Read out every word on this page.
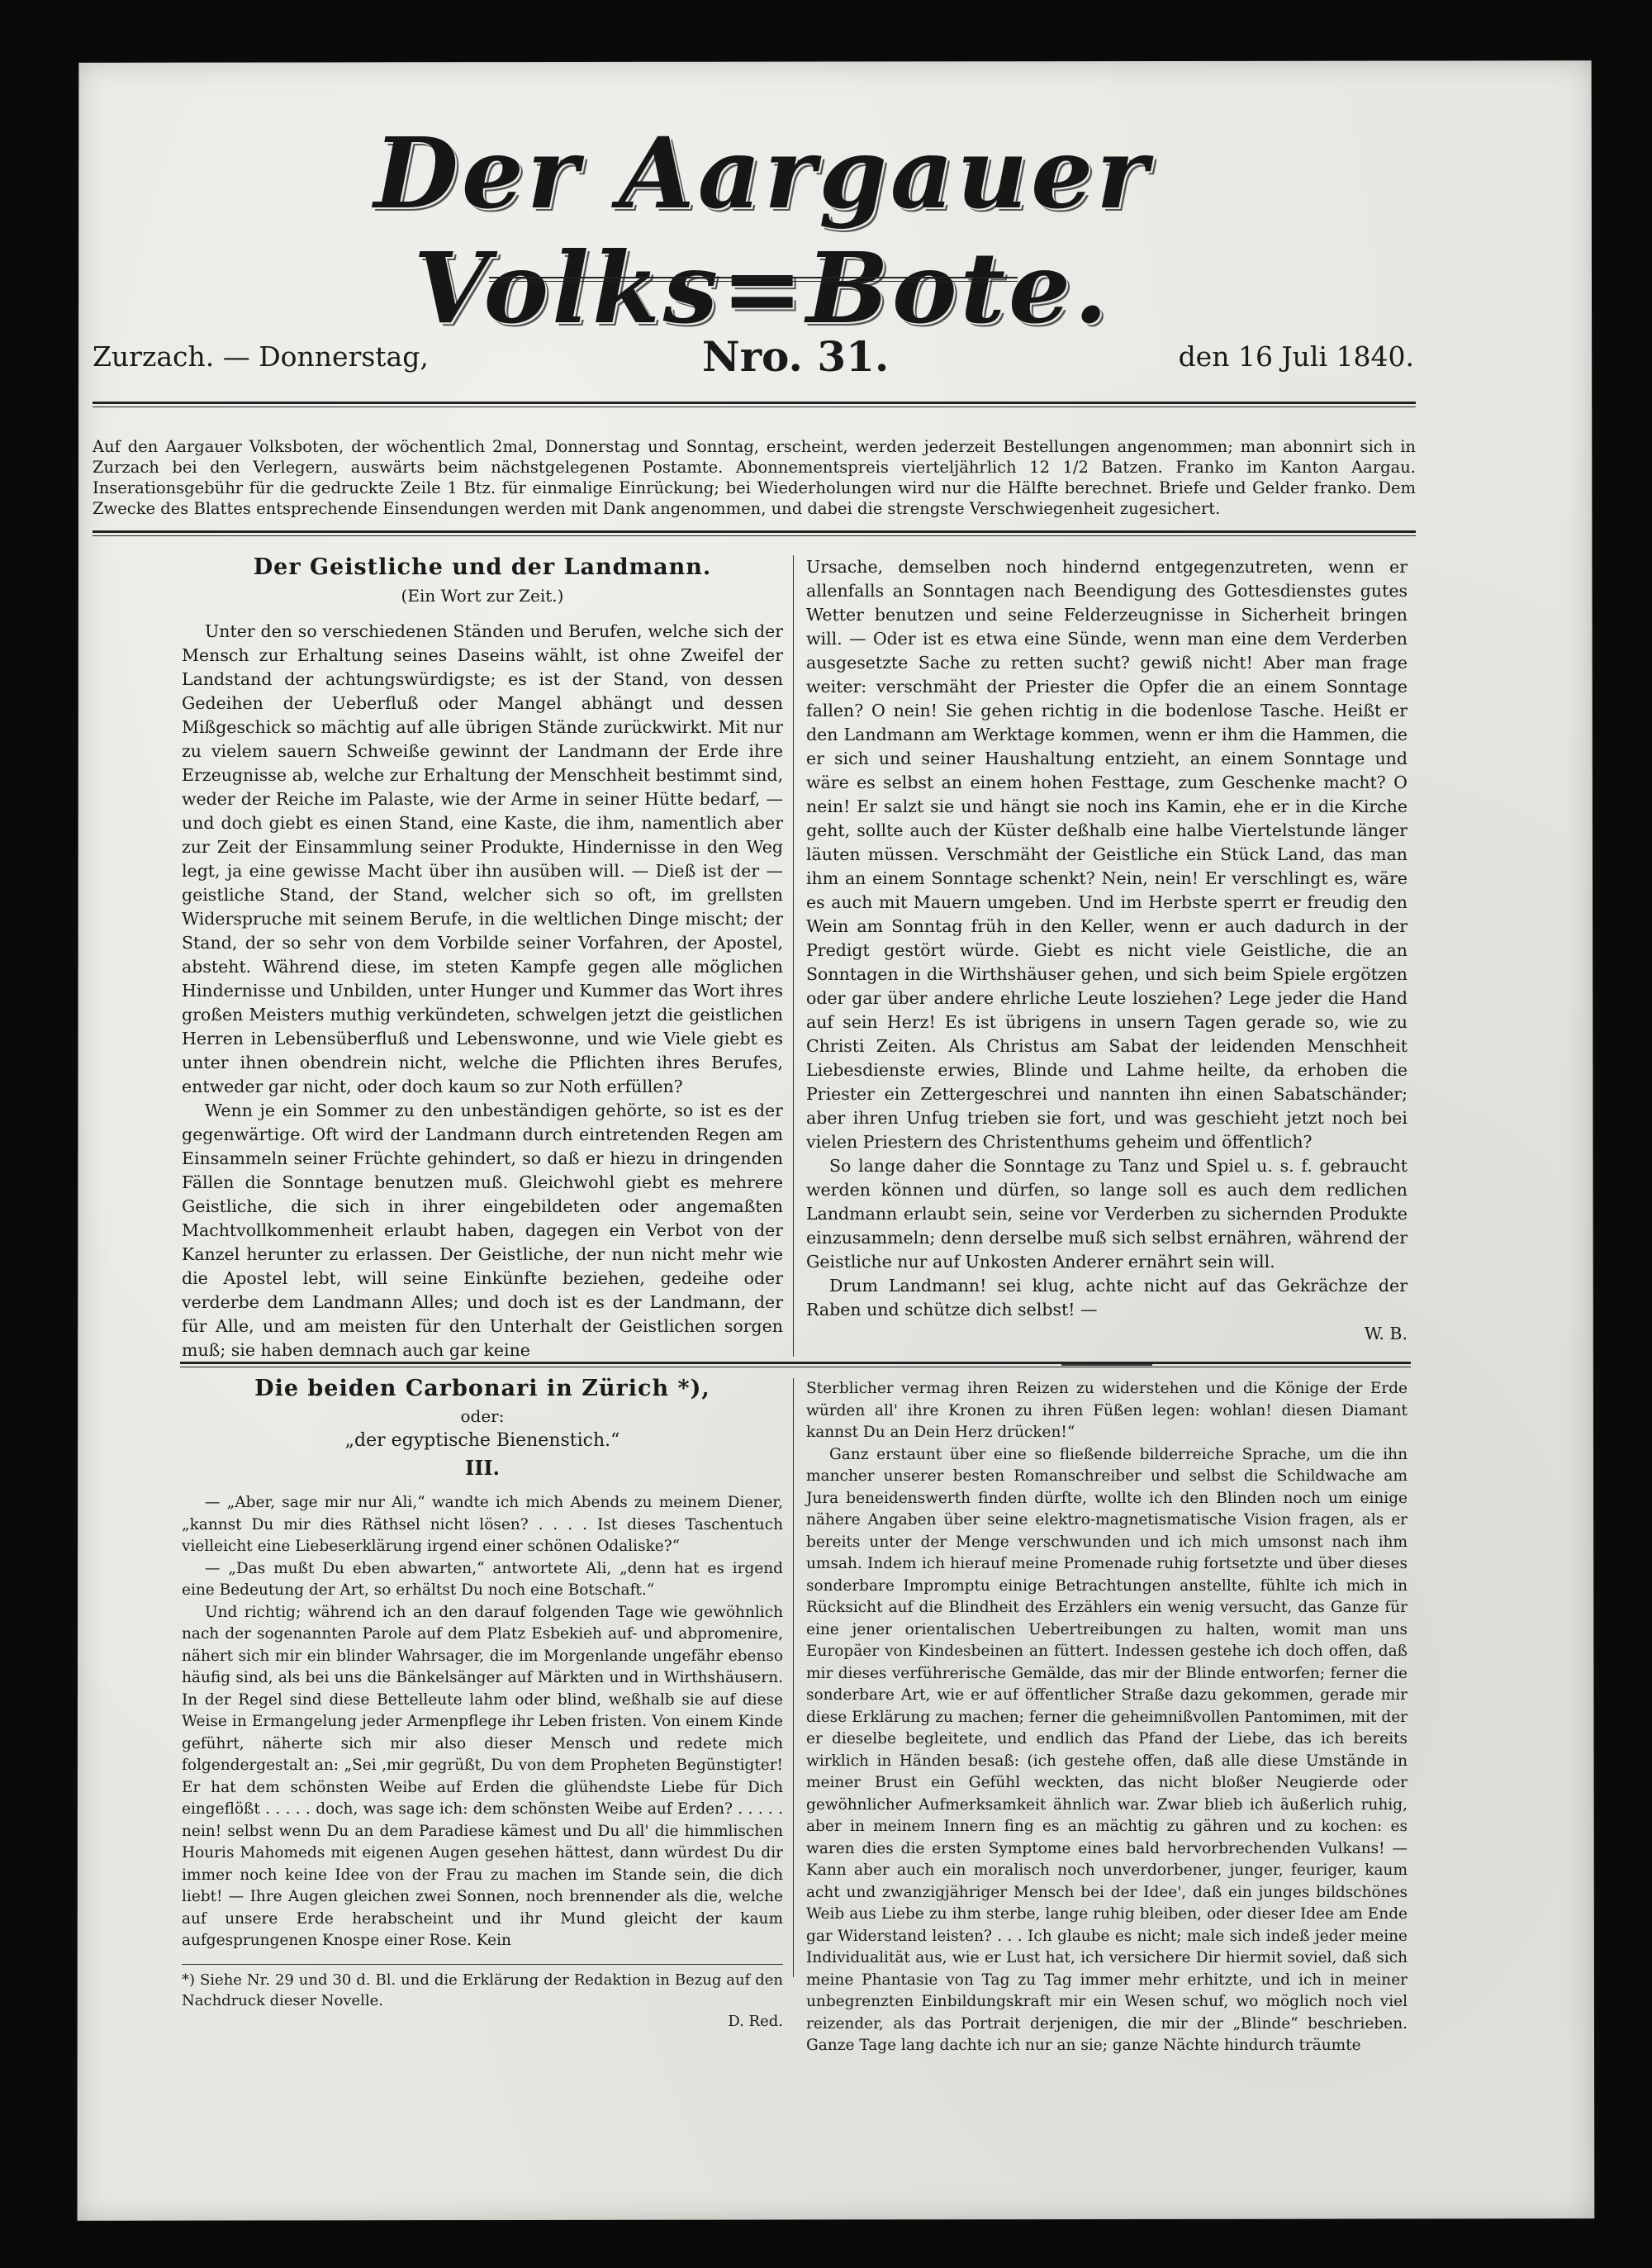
Der Aargauer Volks=Bote.
Zurzach. — Donnerstag,	Nro. 31.	den 16 Juli 1840.
Auf den Aargauer Volksboten, der wöchentlich 2mal, Donnerstag und Sonntag, erscheint, werden jederzeit Bestellungen angenommen; man abonnirt sich in Zurzach bei den Verlegern, auswärts beim nächstgelegenen Postamte. Abonnementspreis vierteljährlich 12 1/2 Batzen. Franko im Kanton Aargau. Inserationsgebühr für die gedruckte Zeile 1 Btz. für einmalige Einrückung; bei Wiederholungen wird nur die Hälfte berechnet. Briefe und Gelder franko. Dem Zwecke des Blattes entsprechende Einsendungen werden mit Dank angenommen, und dabei die strengste Verschwiegenheit zugesichert.
Der Geistliche und der Landmann.
(Ein Wort zur Zeit.)

Unter den so verschiedenen Ständen und Berufen, welche sich der Mensch zur Erhaltung seines Daseins wählt, ist ohne Zweifel der Landstand der achtungswürdigste; es ist der Stand, von dessen Gedeihen der Ueberfluß oder Mangel abhängt und dessen Mißgeschick so mächtig auf alle übrigen Stände zurückwirkt. Mit nur zu vielem sauern Schweiße gewinnt der Landmann der Erde ihre Erzeugnisse ab, welche zur Erhaltung der Menschheit bestimmt sind, weder der Reiche im Palaste, wie der Arme in seiner Hütte bedarf, — und doch giebt es einen Stand, eine Kaste, die ihm, namentlich aber zur Zeit der Einsammlung seiner Produkte, Hindernisse in den Weg legt, ja eine gewisse Macht über ihn ausüben will. — Dieß ist der — geistliche Stand, der Stand, welcher sich so oft, im grellsten Widerspruche mit seinem Berufe, in die weltlichen Dinge mischt; der Stand, der so sehr von dem Vorbilde seiner Vorfahren, der Apostel, absteht. Während diese, im steten Kampfe gegen alle möglichen Hindernisse und Unbilden, unter Hunger und Kummer das Wort ihres großen Meisters muthig verkündeten, schwelgen jetzt die geistlichen Herren in Lebensüberfluß und Lebenswonne, und wie Viele giebt es unter ihnen obendrein nicht, welche die Pflichten ihres Berufes, entweder gar nicht, oder doch kaum so zur Noth erfüllen?

Wenn je ein Sommer zu den unbeständigen gehörte, so ist es der gegenwärtige. Oft wird der Landmann durch eintretenden Regen am Einsammeln seiner Früchte gehindert, so daß er hiezu in dringenden Fällen die Sonntage benutzen muß. Gleichwohl giebt es mehrere Geistliche, die sich in ihrer eingebildeten oder angemaßten Machtvollkommenheit erlaubt haben, dagegen ein Verbot von der Kanzel herunter zu erlassen. Der Geistliche, der nun nicht mehr wie die Apostel lebt, will seine Einkünfte beziehen, gedeihe oder verderbe dem Landmann Alles; und doch ist es der Landmann, der für Alle, und am meisten für den Unterhalt der Geistlichen sorgen muß; sie haben demnach auch gar keine

Ursache, demselben noch hindernd entgegenzutreten, wenn er allenfalls an Sonntagen nach Beendigung des Gottesdienstes gutes Wetter benutzen und seine Felderzeugnisse in Sicherheit bringen will. — Oder ist es etwa eine Sünde, wenn man eine dem Verderben ausgesetzte Sache zu retten sucht? gewiß nicht! Aber man frage weiter: verschmäht der Priester die Opfer die an einem Sonntage fallen? O nein! Sie gehen richtig in die bodenlose Tasche. Heißt er den Landmann am Werktage kommen, wenn er ihm die Hammen, die er sich und seiner Haushaltung entzieht, an einem Sonntage und wäre es selbst an einem hohen Festtage, zum Geschenke macht? O nein! Er salzt sie und hängt sie noch ins Kamin, ehe er in die Kirche geht, sollte auch der Küster deßhalb eine halbe Viertelstunde länger läuten müssen. Verschmäht der Geistliche ein Stück Land, das man ihm an einem Sonntage schenkt? Nein, nein! Er verschlingt es, wäre es auch mit Mauern umgeben. Und im Herbste sperrt er freudig den Wein am Sonntag früh in den Keller, wenn er auch dadurch in der Predigt gestört würde. Giebt es nicht viele Geistliche, die an Sonntagen in die Wirthshäuser gehen, und sich beim Spiele ergötzen oder gar über andere ehrliche Leute losziehen? Lege jeder die Hand auf sein Herz! Es ist übrigens in unsern Tagen gerade so, wie zu Christi Zeiten. Als Christus am Sabat der leidenden Menschheit Liebesdienste erwies, Blinde und Lahme heilte, da erhoben die Priester ein Zettergeschrei und nannten ihn einen Sabatschänder; aber ihren Unfug trieben sie fort, und was geschieht jetzt noch bei vielen Priestern des Christenthums geheim und öffentlich?

So lange daher die Sonntage zu Tanz und Spiel u. s. f. gebraucht werden können und dürfen, so lange soll es auch dem redlichen Landmann erlaubt sein, seine vor Verderben zu sichernden Produkte einzusammeln; denn derselbe muß sich selbst ernähren, während der Geistliche nur auf Unkosten Anderer ernährt sein will.

Drum Landmann! sei klug, achte nicht auf das Gekrächze der Raben und schütze dich selbst! —

W. B.
Die beiden Carbonari in Zürich *),
oder:
„der egyptische Bienenstich.“
III.

— „Aber, sage mir nur Ali,“ wandte ich mich Abends zu meinem Diener, „kannst Du mir dies Räthsel nicht lösen? . . . . Ist dieses Taschentuch vielleicht eine Liebeserklärung irgend einer schönen Odaliske?“

— „Das mußt Du eben abwarten,“ antwortete Ali, „denn hat es irgend eine Bedeutung der Art, so erhältst Du noch eine Botschaft.“

Und richtig; während ich an den darauf folgenden Tage wie gewöhnlich nach der sogenannten Parole auf dem Platz Esbekieh auf- und abpromenire, nähert sich mir ein blinder Wahrsager, die im Morgenlande ungefähr ebenso häufig sind, als bei uns die Bänkelsänger auf Märkten und in Wirthshäusern. In der Regel sind diese Bettelleute lahm oder blind, weßhalb sie auf diese Weise in Ermangelung jeder Armenpflege ihr Leben fristen. Von einem Kinde geführt, näherte sich mir also dieser Mensch und redete mich folgendergestalt an: „Sei ,mir gegrüßt, Du von dem Propheten Begünstigter! Er hat dem schönsten Weibe auf Erden die glühendste Liebe für Dich eingeflößt . . . . . doch, was sage ich: dem schönsten Weibe auf Erden? . . . . . nein! selbst wenn Du an dem Paradiese kämest und Du all' die himmlischen Houris Mahomeds mit eigenen Augen gesehen hättest, dann würdest Du dir immer noch keine Idee von der Frau zu machen im Stande sein, die dich liebt! — Ihre Augen gleichen zwei Sonnen, noch brennender als die, welche auf unsere Erde herabscheint und ihr Mund gleicht der kaum aufgesprungenen Knospe einer Rose. Kein

*) Siehe Nr. 29 und 30 d. Bl. und die Erklärung der Redaktion in Bezug auf den Nachdruck dieser Novelle.

D. Red.

Sterblicher vermag ihren Reizen zu widerstehen und die Könige der Erde würden all' ihre Kronen zu ihren Füßen legen: wohlan! diesen Diamant kannst Du an Dein Herz drücken!“

Ganz erstaunt über eine so fließende bilderreiche Sprache, um die ihn mancher unserer besten Romanschreiber und selbst die Schildwache am Jura beneidenswerth finden dürfte, wollte ich den Blinden noch um einige nähere Angaben über seine elektro-magnetismatische Vision fragen, als er bereits unter der Menge verschwunden und ich mich umsonst nach ihm umsah. Indem ich hierauf meine Promenade ruhig fortsetzte und über dieses sonderbare Impromptu einige Betrachtungen anstellte, fühlte ich mich in Rücksicht auf die Blindheit des Erzählers ein wenig versucht, das Ganze für eine jener orientalischen Uebertreibungen zu halten, womit man uns Europäer von Kindesbeinen an füttert. Indessen gestehe ich doch offen, daß mir dieses verführerische Gemälde, das mir der Blinde entworfen; ferner die sonderbare Art, wie er auf öffentlicher Straße dazu gekommen, gerade mir diese Erklärung zu machen; ferner die geheimnißvollen Pantomimen, mit der er dieselbe begleitete, und endlich das Pfand der Liebe, das ich bereits wirklich in Händen besaß: (ich gestehe offen, daß alle diese Umstände in meiner Brust ein Gefühl weckten, das nicht bloßer Neugierde oder gewöhnlicher Aufmerksamkeit ähnlich war. Zwar blieb ich äußerlich ruhig, aber in meinem Innern fing es an mächtig zu gähren und zu kochen: es waren dies die ersten Symptome eines bald hervorbrechenden Vulkans! — Kann aber auch ein moralisch noch unverdorbener, junger, feuriger, kaum acht und zwanzigjähriger Mensch bei der Idee', daß ein junges bildschönes Weib aus Liebe zu ihm sterbe, lange ruhig bleiben, oder dieser Idee am Ende gar Widerstand leisten? . . . Ich glaube es nicht; male sich indeß jeder meine Individualität aus, wie er Lust hat, ich versichere Dir hiermit soviel, daß sich meine Phantasie von Tag zu Tag immer mehr erhitzte, und ich in meiner unbegrenzten Einbildungskraft mir ein Wesen schuf, wo möglich noch viel reizender, als das Portrait derjenigen, die mir der „Blinde“ beschrieben. Ganze Tage lang dachte ich nur an sie; ganze Nächte hindurch träumte
